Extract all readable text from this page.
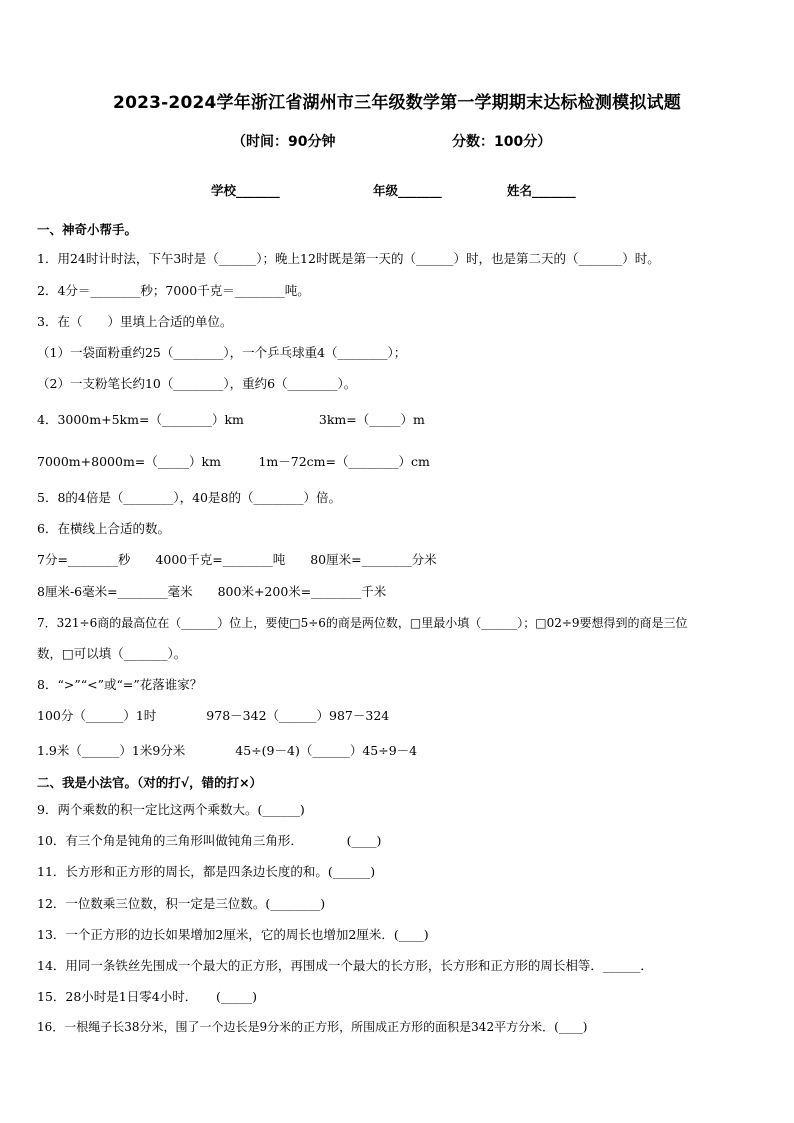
2023-2024学年浙江省湖州市三年级数学第一学期期末达标检测模拟试题
（时间：90分钟	分数：100分）
学校_______	年级_______	姓名_______
一、神奇小帮手。
1．用24时计时法，下午3时是（______）；晚上12时既是第一天的（______）时，也是第二天的（_______）时。
2．4分＝________秒；7000千克＝________吨。
3．在（　　）里填上合适的单位。
（1）一袋面粉重约25（________），一个乒乓球重4（________）；
（2）一支粉笔长约10（________），重约6（________）。
4．3000m+5km=（________）km　　　　　　3km=（_____）m
7000m+8000m=（_____）km　　　1m－72cm=（________）cm
5．8的4倍是（________），40是8的（________）倍。
6．在横线上合适的数。
7分=________秒　　4000千克=________吨　　80厘米=________分米
8厘米-6毫米=________毫米　　800米+200米=________千米
7．321÷6商的最高位在（______）位上，要使□5÷6的商是两位数，□里最小填（______）；□02÷9要想得到的商是三位
数，□可以填（_______）。
8．“>”“<”或“=”花落谁家？
100分（______）1时　　　　978－342（______）987－324
1.9米（______）1米9分米　　　　45÷(9－4)（______）45÷9－4
二、我是小法官。（对的打√，错的打×）
9．两个乘数的积一定比这两个乘数大。(______)
10．有三个角是钝角的三角形叫做钝角三角形．　　　　(____)
11．长方形和正方形的周长，都是四条边长度的和。(______)
12．一位数乘三位数，积一定是三位数。(________)
13．一个正方形的边长如果增加2厘米，它的周长也增加2厘米．(____)
14．用同一条铁丝先围成一个最大的正方形，再围成一个最大的长方形，长方形和正方形的周长相等．______．
15．28小时是1日零4小时．　　(_____)
16．一根绳子长38分米，围了一个边长是9分米的正方形，所围成正方形的面积是342平方分米．(____)
